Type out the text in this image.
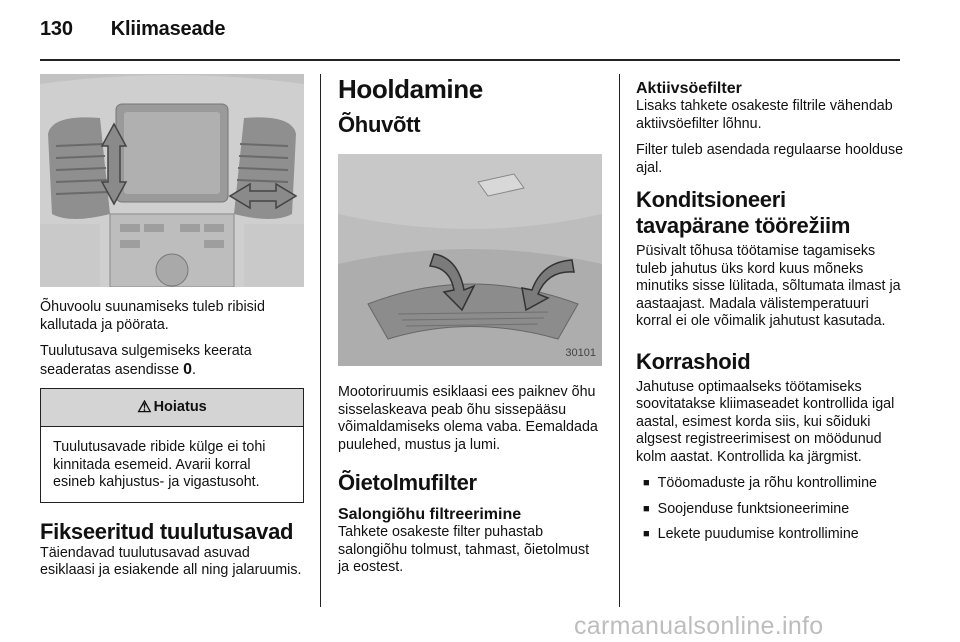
130 Kliimaseade

Õhuvoolu suunamiseks tuleb ribisid kallutada ja pöörata.

Tuulutusava sulgemiseks keerata seaderatas asendisse 0.

⚠ Hoiatus
Tuulutusavade ribide külge ei tohi kinnitada esemeid. Avarii korral esineb kahjustus- ja vigastusoht.
Fikseeritud tuulutusavad

Täiendavad tuulutusavad asuvad esiklaasi ja esiakende all ning jalaruumis.

Hooldamine
Õhuvõtt
30101

Mootoriruumis esiklaasi ees paiknev õhu sisselaskeava peab õhu sissepääsu võimaldamiseks olema vaba. Eemaldada puulehed, mustus ja lumi.

Õietolmufilter
Salongiõhu filtreerimine

Tahkete osakeste filter puhastab salongiõhu tolmust, tahmast, õietolmust ja eostest.

Aktiivsöefilter

Lisaks tahkete osakeste filtrile vähendab aktiivsöefilter lõhnu.

Filter tuleb asendada regulaarse hoolduse ajal.

Konditsioneeri tavapärane töörežiim

Püsivalt tõhusa töötamise tagamiseks tuleb jahutus üks kord kuus mõneks minutiks sisse lülitada, sõltumata ilmast ja aastaajast. Madala välistemperatuuri korral ei ole võimalik jahutust kasutada.

Korrashoid

Jahutuse optimaalseks töötamiseks soovitatakse kliimaseadet kontrollida igal aastal, esimest korda siis, kui sõiduki algsest registreerimisest on möödunud kolm aastat. Kontrollida ka järgmist.

■ Tööomaduste ja rõhu kontrollimine
■ Soojenduse funktsioneerimine
■ Lekete puudumise kontrollimine
carmanualsonline.info
